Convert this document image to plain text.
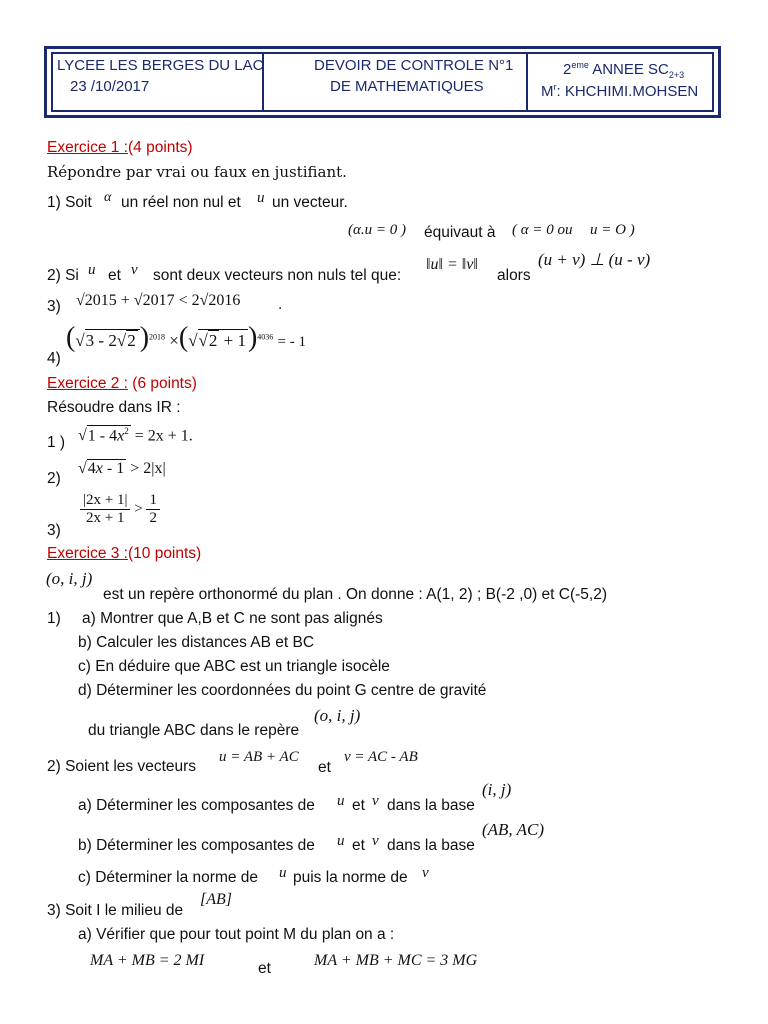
LYCEE LES BERGES DU LAC
23 /10/2017
DEVOIR DE CONTROLE N°1
DE MATHEMATIQUES
2eme ANNEE $SC_{2+3}$
$M^r$: KHCHIMI.MOHSEN
Exercice 1 :(4 points)
Répondre par vrai ou faux en justifiant.
1) Soit α un réel non nul et u un vecteur.
(α.u = 0 ) équivaut à ( α = 0 ou u = O )
2) Si u et v sont deux vecteurs non nuls tel que:
‖u‖ = ‖v‖
alors
(u + v) ⊥ (u - v)
3) √2015 + √2017 < 2√2016 .
( √ 3 - 2 √ 2 )$^{2018}$ ×( √ √ 2 + 1)$^{4036}$ = - 1
4)
Exercice 2 : (6 points)
Résoudre dans IR :
1 ) √	$1 - 4x^2 = 2x + 1$.
2)
√ 4x - 1 > 2|x|
3)
$\frac{|2x + 1|}{2x + 1} > \frac{1}{2}$
Exercice 3 :(10 points)
(o, i, j)
est un repère orthonormé du plan . On donne : A(1, 2) ; B(-2 ,0) et C(-5,2)
1) a) Montrer que A,B et C ne sont pas alignés
b) Calculer les distances AB et BC
c) En déduire que ABC est un triangle isocèle
d) Déterminer les coordonnées du point G centre de gravité
du triangle ABC dans le repère
(o, i, j)
2) Soient les vecteurs
u = AB + AC
et
v = AC - AB
a) Déterminer les composantes de u et v dans la base
(i, j)
b) Déterminer les composantes de u et v dans la base
(AB, AC)
c) Déterminer la norme de u puis la norme de v
3) Soit I le milieu de
[AB]
a) Vérifier que pour tout point M du plan on a :
MA + MB = 2 MI	et	MA + MB + MC = 3 MG
